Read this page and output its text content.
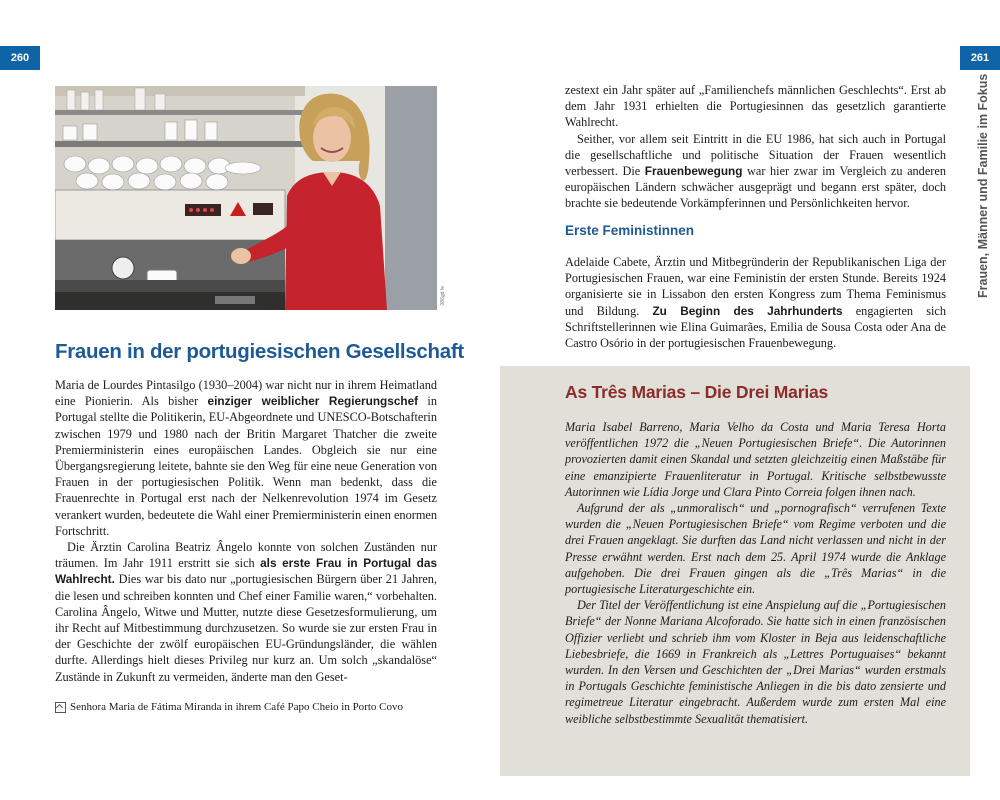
260	261
Frauen, Männer und Familie im Fokus
086gd fe
Frauen in der portugiesischen Gesellschaft

Maria de Lourdes Pintasilgo (1930–2004) war nicht nur in ihrem Heimatland eine Pionierin. Als bisher einziger weiblicher Regierungschef in Portugal stellte die Politikerin, EU-Abgeordnete und UNESCO-Botschafterin zwischen 1979 und 1980 nach der Britin Margaret Thatcher die zweite Premierministerin eines europäischen Landes. Obgleich sie nur eine Übergangsregierung leitete, bahnte sie den Weg für eine neue Generation von Frauen in der portugiesischen Politik. Wenn man bedenkt, dass die Frauenrechte in Portugal erst nach der Nelkenrevolution 1974 im Gesetz verankert wurden, bedeutete die Wahl einer Premierministerin einen enormen Fortschritt.

Die Ärztin Carolina Beatriz Ângelo konnte von solchen Zuständen nur träumen. Im Jahr 1911 erstritt sie sich als erste Frau in Portugal das Wahlrecht. Dies war bis dato nur „portugiesischen Bürgern über 21 Jahren, die lesen und schreiben konnten und Chef einer Familie waren,“ vorbehalten. Carolina Ângelo, Witwe und Mutter, nutzte diese Gesetzesformulierung, um ihr Recht auf Mitbestimmung durchzusetzen. So wurde sie zur ersten Frau in der Geschichte der zwölf europäischen EU-Gründungsländer, die wählen durfte. Allerdings hielt dieses Privileg nur kurz an. Um solch „skandalöse“ Zustände in Zukunft zu vermeiden, änderte man den Geset-

Senhora Maria de Fátima Miranda in ihrem Café Papo Cheio in Porto Covo

zestext ein Jahr später auf „Familienchefs männlichen Geschlechts“. Erst ab dem Jahr 1931 erhielten die Portugiesinnen das gesetzlich garantierte Wahlrecht.

Seither, vor allem seit Eintritt in die EU 1986, hat sich auch in Portugal die gesellschaftliche und politische Situation der Frauen wesentlich verbessert. Die Frauenbewegung war hier zwar im Vergleich zu anderen europäischen Ländern schwächer ausgeprägt und begann erst später, doch brachte sie bedeutende Vorkämpferinnen und Persönlichkeiten hervor.

Erste Feministinnen

Adelaide Cabete, Ärztin und Mitbegründerin der Republikanischen Liga der Portugiesischen Frauen, war eine Feministin der ersten Stunde. Bereits 1924 organisierte sie in Lissabon den ersten Kongress zum Thema Feminismus und Bildung. Zu Beginn des Jahrhunderts engagierten sich Schriftstellerinnen wie Elina Guimarães, Emilia de Sousa Costa oder Ana de Castro Osório in der portugiesischen Frauenbewegung.

As Três Marias – Die Drei Marias

Maria Isabel Barreno, Maria Velho da Costa und Maria Teresa Horta veröffentlichen 1972 die „Neuen Portugiesischen Briefe“. Die Autorinnen provozierten damit einen Skandal und setzten gleichzeitig einen Maßstäbe für eine emanzipierte Frauenliteratur in Portugal. Kritische selbstbewusste Autorinnen wie Lídia Jorge und Clara Pinto Correia folgen ihnen nach.

Aufgrund der als „unmoralisch“ und „pornografisch“ verrufenen Texte wurden die „Neuen Portugiesischen Briefe“ vom Regime verboten und die drei Frauen angeklagt. Sie durften das Land nicht verlassen und nicht in der Presse erwähnt werden. Erst nach dem 25. April 1974 wurde die Anklage aufgehoben. Die drei Frauen gingen als die „Três Marias“ in die portugiesische Literaturgeschichte ein.

Der Titel der Veröffentlichung ist eine Anspielung auf die „Portugiesischen Briefe“ der Nonne Mariana Alcoforado. Sie hatte sich in einen französischen Offizier verliebt und schrieb ihm vom Kloster in Beja aus leidenschaftliche Liebesbriefe, die 1669 in Frankreich als „Lettres Portuguaises“ bekannt wurden. In den Versen und Geschichten der „Drei Marias“ wurden erstmals in Portugals Geschichte feministische Anliegen in die bis dato zensierte und regimetreue Literatur eingebracht. Außerdem wurde zum ersten Mal eine weibliche selbstbestimmte Sexualität thematisiert.
